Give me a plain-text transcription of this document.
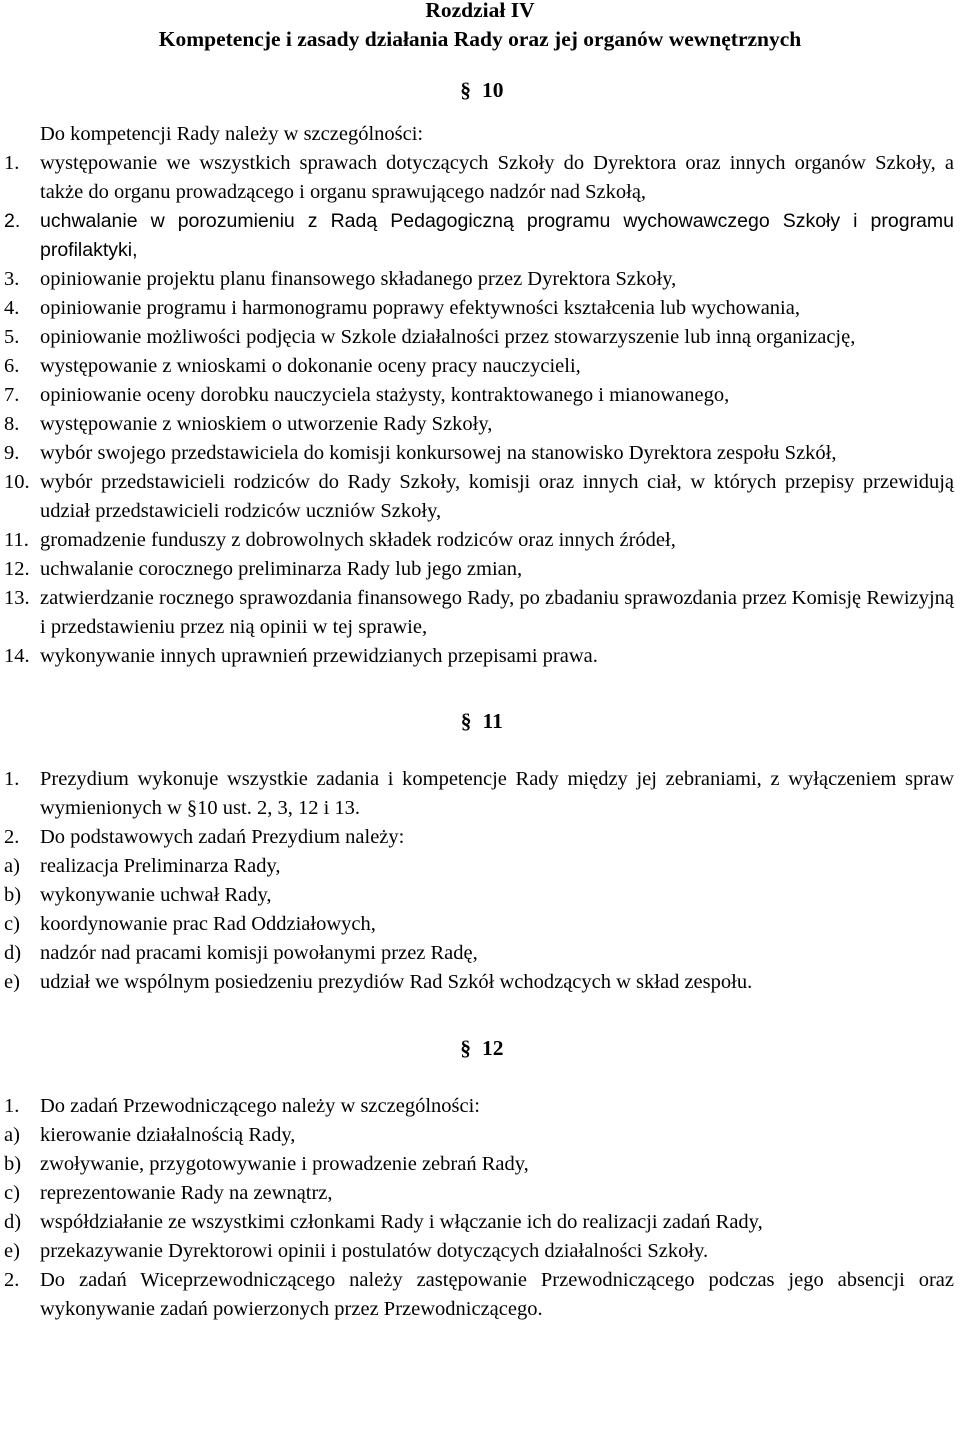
Rozdział IV
Kompetencje i zasady działania Rady oraz jej organów wewnętrznych
§ 10
Do kompetencji Rady należy w szczególności:
1.	występowanie we wszystkich sprawach dotyczących Szkoły do Dyrektora oraz innych organów Szkoły, a także do organu prowadzącego i organu sprawującego nadzór nad Szkołą,
2.	uchwalanie w porozumieniu z Radą Pedagogiczną programu wychowawczego Szkoły i programu profilaktyki,
3.	opiniowanie projektu planu finansowego składanego przez Dyrektora Szkoły,
4.	opiniowanie programu i harmonogramu poprawy efektywności kształcenia lub wychowania,
5.	opiniowanie możliwości podjęcia w Szkole działalności przez stowarzyszenie lub inną organizację,
6.	występowanie z wnioskami o dokonanie oceny pracy nauczycieli,
7.	opiniowanie oceny dorobku nauczyciela stażysty, kontraktowanego i mianowanego,
8.	występowanie z wnioskiem o utworzenie Rady Szkoły,
9.	wybór swojego przedstawiciela do komisji konkursowej na stanowisko Dyrektora zespołu Szkół,
10. wybór przedstawicieli rodziców do Rady Szkoły, komisji oraz innych ciał, w których przepisy przewidują udział przedstawicieli rodziców uczniów Szkoły,
11. gromadzenie funduszy z dobrowolnych składek rodziców oraz innych źródeł,
12. uchwalanie corocznego preliminarza Rady lub jego zmian,
13. zatwierdzanie rocznego sprawozdania finansowego Rady, po zbadaniu sprawozdania przez Komisję Rewizyjną i przedstawieniu przez nią opinii w tej sprawie,
14. wykonywanie innych uprawnień przewidzianych przepisami prawa.
§ 11
1.	Prezydium wykonuje wszystkie zadania i kompetencje Rady między jej zebraniami, z wyłączeniem spraw wymienionych w §10 ust. 2, 3, 12 i 13.
2.	Do podstawowych zadań Prezydium należy:
a) realizacja Preliminarza Rady,
b) wykonywanie uchwał Rady,
c) koordynowanie prac Rad Oddziałowych,
d) nadzór nad pracami komisji powołanymi przez Radę,
e) udział we wspólnym posiedzeniu prezydiów Rad Szkół wchodzących w skład zespołu.
§ 12
1.	Do zadań Przewodniczącego należy w szczególności:
a) kierowanie działalnością Rady,
b) zwoływanie, przygotowywanie i prowadzenie zebrań Rady,
c) reprezentowanie Rady na zewnątrz,
d) współdziałanie ze wszystkimi członkami Rady i włączanie ich do realizacji zadań Rady,
e) przekazywanie Dyrektorowi opinii i postulatów dotyczących działalności Szkoły.
2.	Do zadań Wiceprzewodniczącego należy zastępowanie Przewodniczącego podczas jego absencji oraz wykonywanie zadań powierzonych przez Przewodniczącego.
